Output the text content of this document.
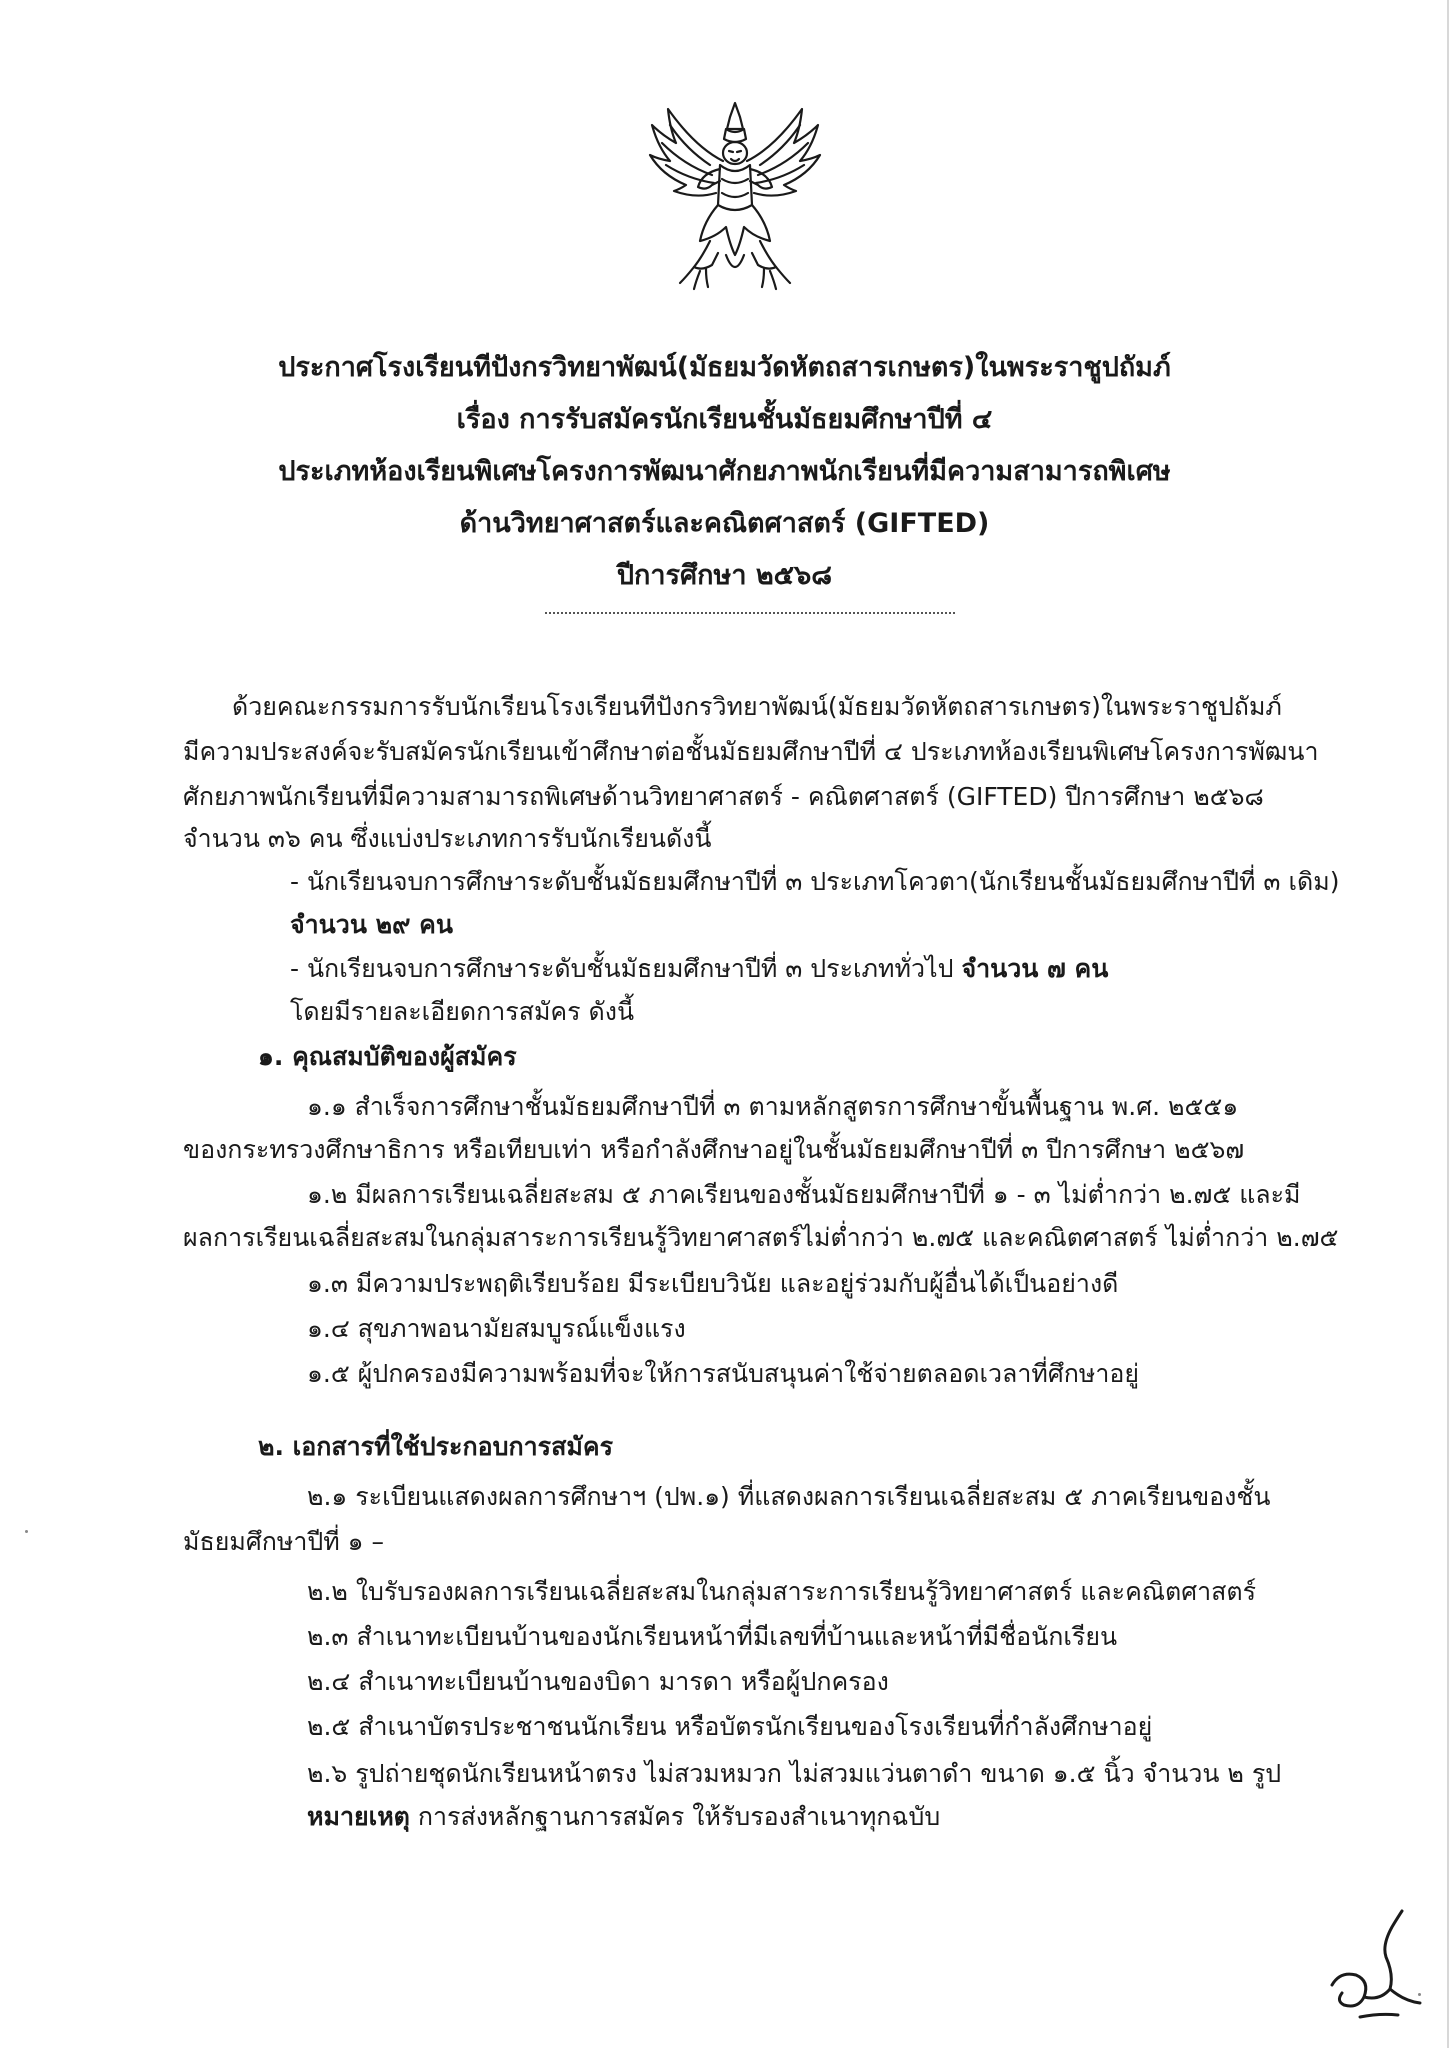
ประกาศโรงเรียนทีปังกรวิทยาพัฒน์(มัธยมวัดหัตถสารเกษตร)ในพระราชูปถัมภ์
เรื่อง การรับสมัครนักเรียนชั้นมัธยมศึกษาปีที่ ๔
ประเภทห้องเรียนพิเศษโครงการพัฒนาศักยภาพนักเรียนที่มีความสามารถพิเศษ
ด้านวิทยาศาสตร์และคณิตศาสตร์ (GIFTED)
ปีการศึกษา ๒๕๖๘
ด้วยคณะกรรมการรับนักเรียนโรงเรียนทีปังกรวิทยาพัฒน์(มัธยมวัดหัตถสารเกษตร)ในพระราชูปถัมภ์
มีความประสงค์จะรับสมัครนักเรียนเข้าศึกษาต่อชั้นมัธยมศึกษาปีที่ ๔ ประเภทห้องเรียนพิเศษโครงการพัฒนา
ศักยภาพนักเรียนที่มีความสามารถพิเศษด้านวิทยาศาสตร์ - คณิตศาสตร์ (GIFTED) ปีการศึกษา ๒๕๖๘
จำนวน ๓๖ คน ซึ่งแบ่งประเภทการรับนักเรียนดังนี้
- นักเรียนจบการศึกษาระดับชั้นมัธยมศึกษาปีที่ ๓ ประเภทโควตา(นักเรียนชั้นมัธยมศึกษาปีที่ ๓ เดิม)
จำนวน ๒๙ คน
- นักเรียนจบการศึกษาระดับชั้นมัธยมศึกษาปีที่ ๓ ประเภททั่วไป จำนวน ๗ คน
โดยมีรายละเอียดการสมัคร ดังนี้
๑. คุณสมบัติของผู้สมัคร
๑.๑ สำเร็จการศึกษาชั้นมัธยมศึกษาปีที่ ๓ ตามหลักสูตรการศึกษาขั้นพื้นฐาน พ.ศ. ๒๕๕๑
ของกระทรวงศึกษาธิการ หรือเทียบเท่า หรือกำลังศึกษาอยู่ในชั้นมัธยมศึกษาปีที่ ๓ ปีการศึกษา ๒๕๖๗
๑.๒ มีผลการเรียนเฉลี่ยสะสม ๕ ภาคเรียนของชั้นมัธยมศึกษาปีที่ ๑ - ๓ ไม่ต่ำกว่า ๒.๗๕ และมี
ผลการเรียนเฉลี่ยสะสมในกลุ่มสาระการเรียนรู้วิทยาศาสตร์ไม่ต่ำกว่า ๒.๗๕ และคณิตศาสตร์ ไม่ต่ำกว่า ๒.๗๕
๑.๓ มีความประพฤติเรียบร้อย มีระเบียบวินัย และอยู่ร่วมกับผู้อื่นได้เป็นอย่างดี
๑.๔ สุขภาพอนามัยสมบูรณ์แข็งแรง
๑.๕ ผู้ปกครองมีความพร้อมที่จะให้การสนับสนุนค่าใช้จ่ายตลอดเวลาที่ศึกษาอยู่
๒. เอกสารที่ใช้ประกอบการสมัคร
๒.๑ ระเบียนแสดงผลการศึกษาฯ (ปพ.๑) ที่แสดงผลการเรียนเฉลี่ยสะสม ๕ ภาคเรียนของชั้น
มัธยมศึกษาปีที่ ๑ –
๒.๒ ใบรับรองผลการเรียนเฉลี่ยสะสมในกลุ่มสาระการเรียนรู้วิทยาศาสตร์ และคณิตศาสตร์
๒.๓ สำเนาทะเบียนบ้านของนักเรียนหน้าที่มีเลขที่บ้านและหน้าที่มีชื่อนักเรียน
๒.๔ สำเนาทะเบียนบ้านของบิดา มารดา หรือผู้ปกครอง
๒.๕ สำเนาบัตรประชาชนนักเรียน หรือบัตรนักเรียนของโรงเรียนที่กำลังศึกษาอยู่
๒.๖ รูปถ่ายชุดนักเรียนหน้าตรง ไม่สวมหมวก ไม่สวมแว่นตาดำ ขนาด ๑.๕ นิ้ว จำนวน ๒ รูป
หมายเหตุ การส่งหลักฐานการสมัคร ให้รับรองสำเนาทุกฉบับ
